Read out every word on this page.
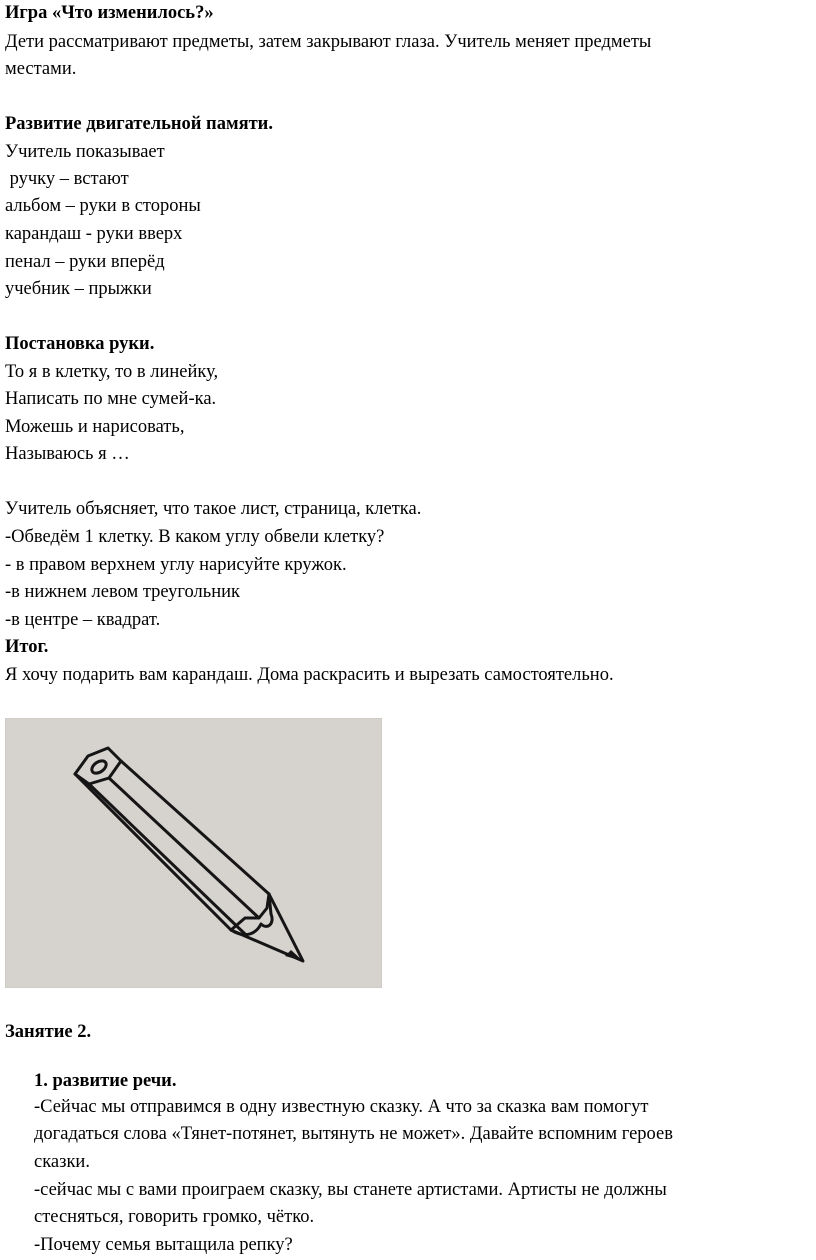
Игра «Что изменилось?»

Дети рассматривают предметы, затем закрывают глаза. Учитель меняет предметы

местами.

Развитие двигательной памяти.

Учитель показывает

ручку – встают

альбом – руки в стороны

карандаш - руки вверх

пенал – руки вперёд

учебник – прыжки

Постановка руки.

То я в клетку, то в линейку,

Написать по мне сумей-ка.

Можешь и нарисовать,

Называюсь я …

Учитель объясняет, что такое лист, страница, клетка.

-Обведём 1 клетку. В каком углу обвели клетку?

- в правом верхнем углу нарисуйте кружок.

-в нижнем левом треугольник

-в центре – квадрат.

Итог.

Я хочу подарить вам карандаш. Дома раскрасить и вырезать самостоятельно.

Занятие 2.

1. развитие речи.

-Сейчас мы отправимся в одну известную сказку. А что за сказка вам помогут

догадаться слова «Тянет-потянет, вытянуть не может». Давайте вспомним героев

сказки.

-сейчас мы с вами проиграем сказку, вы станете артистами. Артисты не должны

стесняться, говорить громко, чётко.

-Почему семья вытащила репку?
